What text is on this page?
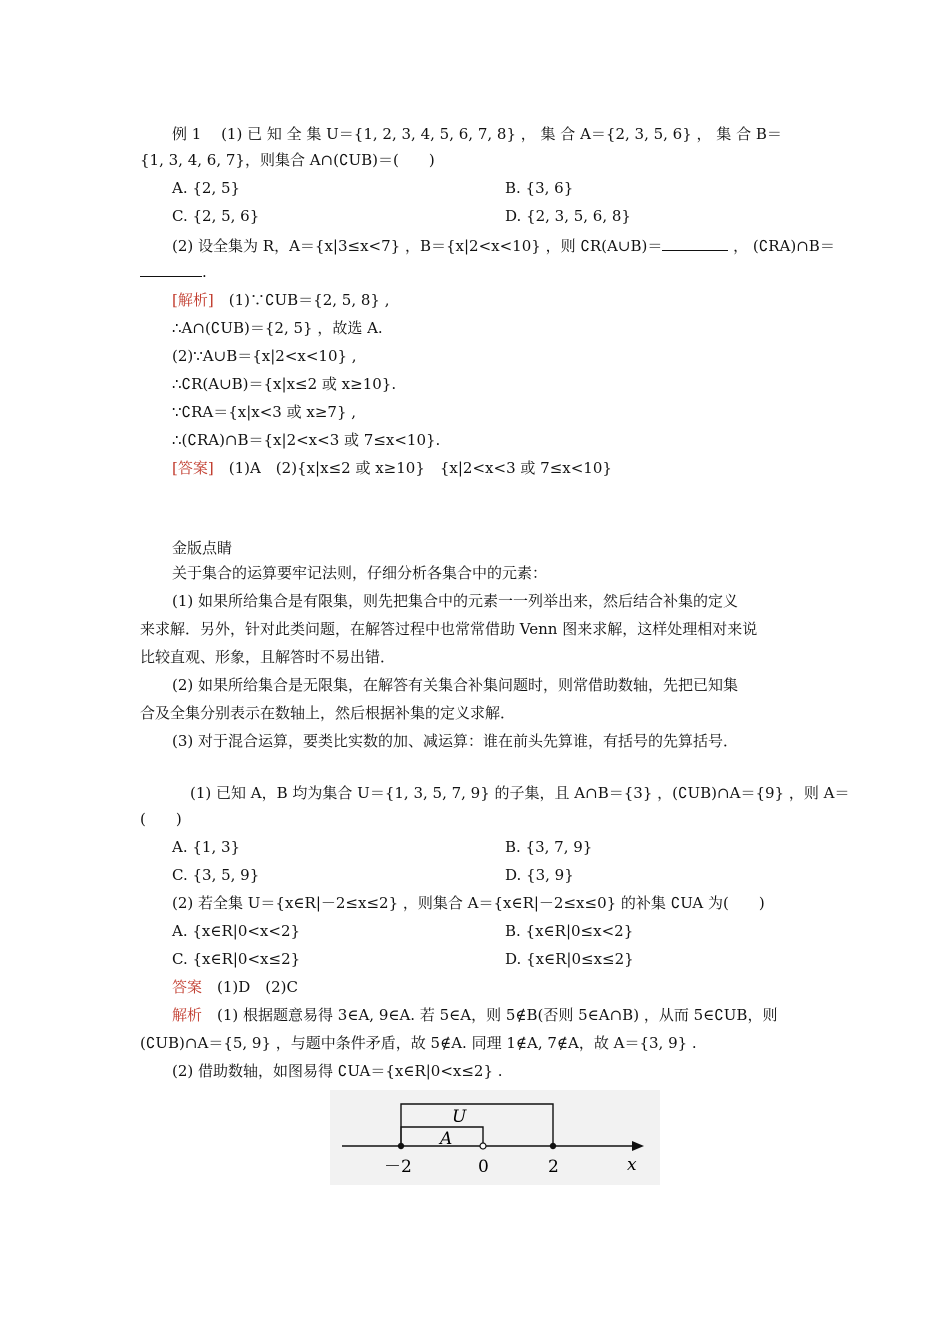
例 1　 (1) 已 知 全 集 U＝{1, 2, 3, 4, 5, 6, 7, 8} ， 集 合 A＝{2, 3, 5, 6} ， 集 合 B＝
{1, 3, 4, 6, 7}，则集合 A∩(∁UB)＝(　　)
A. {2, 5}	B. {3, 6}
C. {2, 5, 6}	D. {2, 3, 5, 6, 8}
(2) 设全集为 R，A＝{x|3≤x<7} ，B＝{x|2<x<10} ，则 ∁R(A∪B)＝	， (∁RA)∩B＝
.
[解析]　(1)∵∁UB＝{2, 5, 8} ,
∴A∩(∁UB)＝{2, 5} ，故选 A.
(2)∵A∪B＝{x|2<x<10} ,
∴∁R(A∪B)＝{x|x≤2 或 x≥10}.
∵∁RA＝{x|x<3 或 x≥7} ,
∴(∁RA)∩B＝{x|2<x<3 或 7≤x<10}.
[答案]　(1)A　(2){x|x≤2 或 x≥10}　{x|2<x<3 或 7≤x<10}
金版点睛
关于集合的运算要牢记法则，仔细分析各集合中的元素：
(1) 如果所给集合是有限集，则先把集合中的元素一一列举出来，然后结合补集的定义
来求解．另外，针对此类问题，在解答过程中也常常借助 Venn 图来求解，这样处理相对来说
比较直观、形象，且解答时不易出错．
(2) 如果所给集合是无限集，在解答有关集合补集问题时，则常借助数轴，先把已知集
合及全集分别表示在数轴上，然后根据补集的定义求解．
(3) 对于混合运算，要类比实数的加、减运算：谁在前头先算谁，有括号的先算括号．
(1) 已知 A，B 均为集合 U＝{1, 3, 5, 7, 9} 的子集，且 A∩B＝{3} ，(∁UB)∩A＝{9} ，则 A＝
(　　)
A. {1, 3}	B. {3, 7, 9}
C. {3, 5, 9}	D. {3, 9}
(2) 若全集 U＝{x∈R|－2≤x≤2} ，则集合 A＝{x∈R|－2≤x≤0} 的补集 ∁UA 为(　　)
A. {x∈R|0<x<2}	B. {x∈R|0≤x<2}
C. {x∈R|0<x≤2}	D. {x∈R|0≤x≤2}
答案　(1)D　(2)C
解析　(1) 根据题意易得 3∈A, 9∈A. 若 5∈A，则 5∉B(否则 5∈A∩B) ，从而 5∈∁UB，则
(∁UB)∩A＝{5, 9} ，与题中条件矛盾，故 5∉A. 同理 1∉A, 7∉A，故 A＝{3, 9} .
(2) 借助数轴，如图易得 ∁UA＝{x∈R|0<x≤2} .
U
A
－2	0	2	x
